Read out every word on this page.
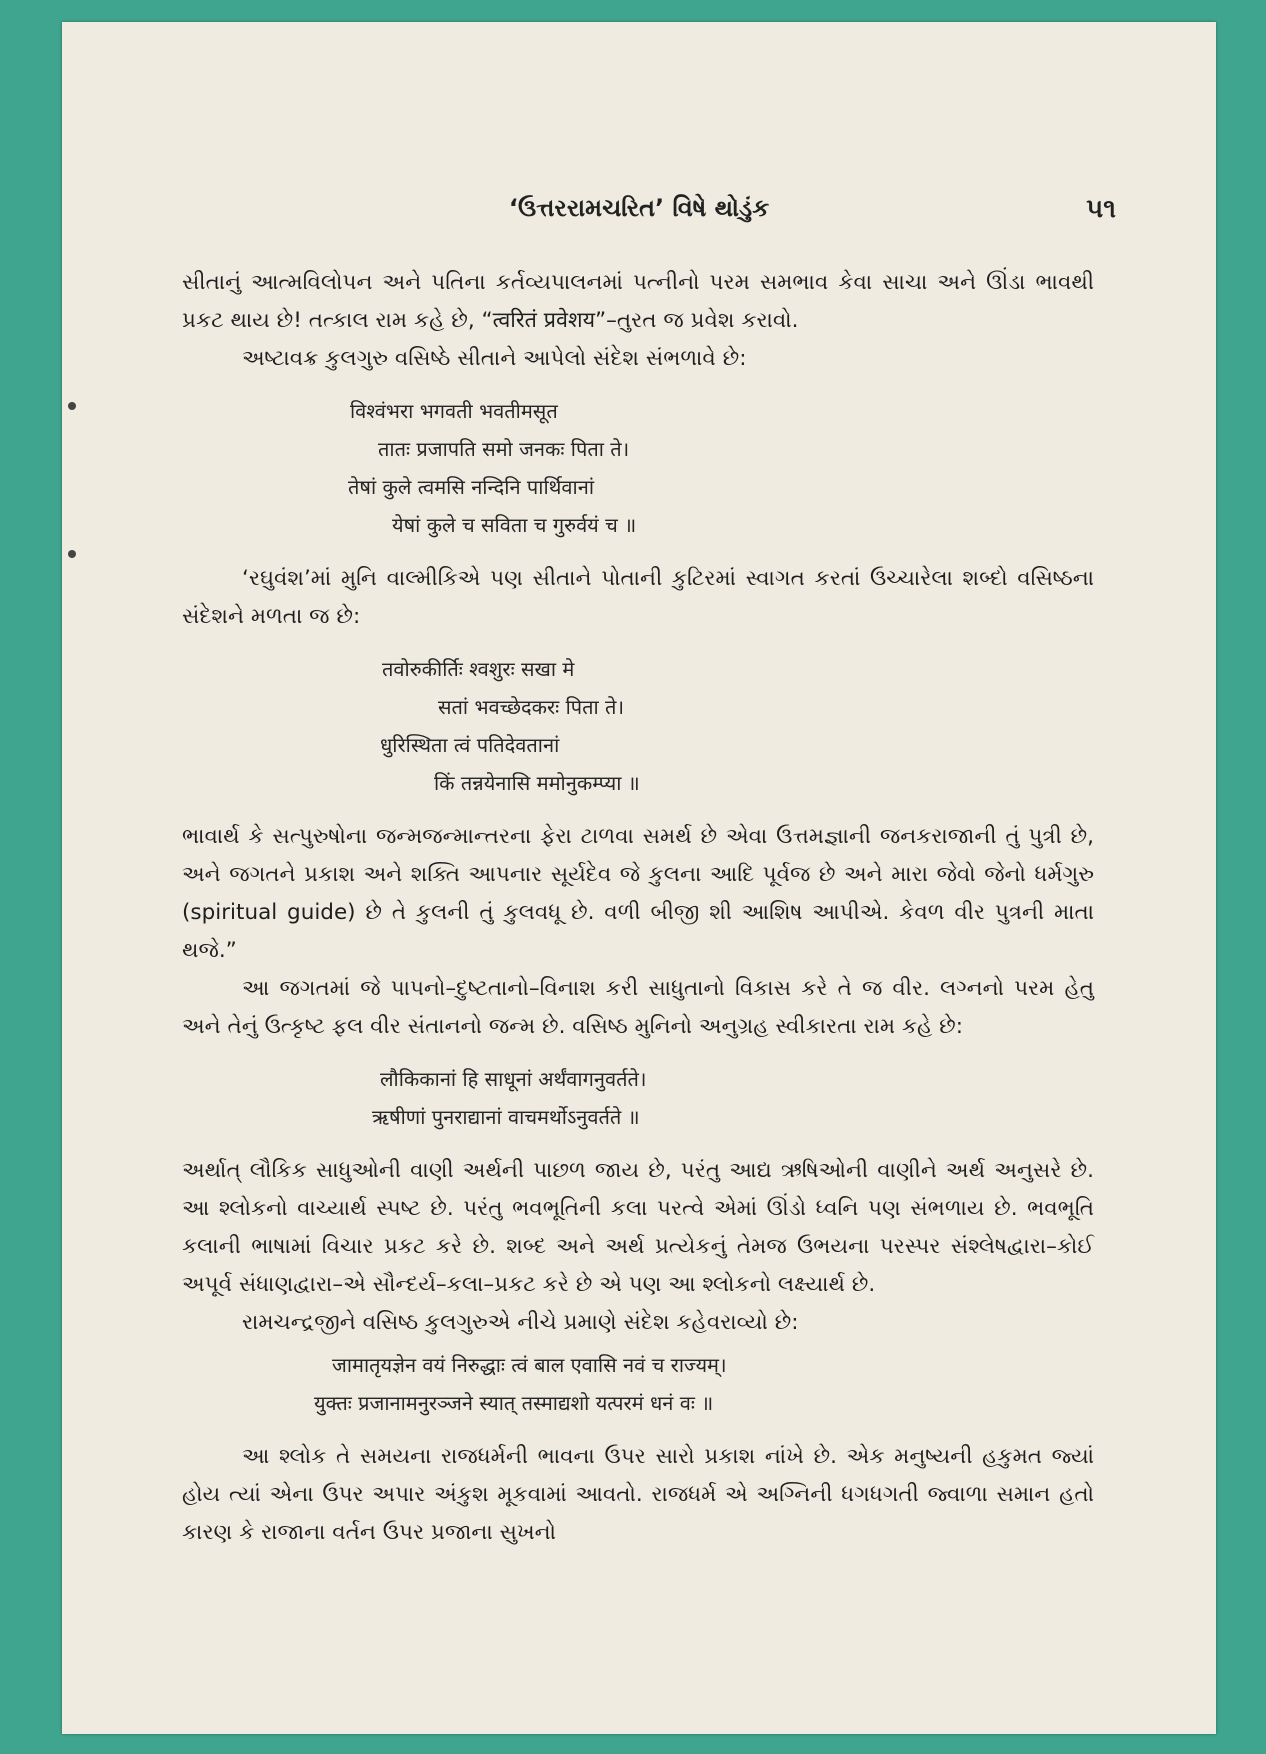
‘ઉત્તરરામચરિત’ વિષે થોડુંક	૫૧

સીતાનું આત્મવિલોપન અને પતિના કર્તવ્યપાલનમાં પત્નીનો પરમ સમભાવ કેવા સાચા અને ઊંડા ભાવથી પ્રકટ થાય છે! તત્કાલ રામ કહે છે, “त्वरितं प्रवेशय”–તુરત જ પ્રવેશ કરાવો.

અષ્ટાવક્ર કુલગુરુ વસિષ્ઠે સીતાને આપેલો સંદેશ સંભળાવે છે:

विश्वंभरा भगवती भवतीमसूत
तातः प्रजापति समो जनकः पिता ते।
तेषां कुले त्वमसि नन्दिनि पार्थिवानां
येषां कुले च सविता च गुरुर्वयं च ॥

‘રઘુવંશ’માં મુનિ વાલ્મીકિએ પણ સીતાને પોતાની કુટિરમાં સ્વાગત કરતાં ઉચ્ચારેલા શબ્દો વસિષ્ઠના સંદેશને મળતા જ છે:

तवोरुकीर्तिः श्वशुरः सखा मे
सतां भवच्छेदकरः पिता ते।
धुरिस्थिता त्वं पतिदेवतानां
किं तन्नयेनासि ममोनुकम्प्या ॥

ભાવાર્થ કે સત્પુરુષોના જન્મજન્માન્તરના ફેરા ટાળવા સમર્થ છે એવા ઉત્તમજ્ઞાની જનકરાજાની તું પુત્રી છે, અને જગતને પ્રકાશ અને શક્તિ આપનાર સૂર્યદેવ જે કુલના આદિ પૂર્વજ છે અને મારા જેવો જેનો ધર્મગુરુ (spiritual guide) છે તે કુલની તું કુલવધૂ છે. વળી બીજી શી આશિષ આપીએ. કેવળ વીર પુત્રની માતા થજે.”

આ જગતમાં જે પાપનો–દુષ્ટતાનો–વિનાશ કરી સાધુતાનો વિકાસ કરે તે જ વીર. લગ્નનો પરમ હેતુ અને તેનું ઉત્કૃષ્ટ ફલ વીર સંતાનનો જન્મ છે. વસિષ્ઠ મુનિનો અનુગ્રહ સ્વીકારતા રામ કહે છે:

लौकिकानां हि साधूनां अर्थंवागनुवर्तते।
ऋषीणां पुनराद्यानां वाचमर्थोऽनुवर्तते ॥

અર્થાત્ લૌકિક સાધુઓની વાણી અર્થની પાછળ જાય છે, પરંતુ આદ્ય ઋષિઓની વાણીને અર્થ અનુસરે છે. આ શ્લોકનો વાચ્યાર્થ સ્પષ્ટ છે. પરંતુ ભવભૂતિની કલા પરત્વે એમાં ઊંડો ધ્વનિ પણ સંભળાય છે. ભવભૂતિ કલાની ભાષામાં વિચાર પ્રકટ કરે છે. શબ્દ અને અર્થ પ્રત્યેકનું તેમજ ઉભયના પરસ્પર સંશ્લેષદ્વારા–કોઈ અપૂર્વ સંધાણદ્વારા–એ સૌન્દર્ય–કલા–પ્રકટ કરે છે એ પણ આ શ્લોકનો લક્ષ્યાર્થ છે.

રામચન્દ્રજીને વસિષ્ઠ કુલગુરુએ નીચે પ્રમાણે સંદેશ કહેવરાવ્યો છે:

जामातृयज्ञेन वयं निरुद्धाः त्वं बाल एवासि नवं च राज्यम्।
युक्तः प्रजानामनुरञ्जने स्यात् तस्माद्यशो यत्परमं धनं वः ॥

આ શ્લોક તે સમયના રાજધર્મની ભાવના ઉપર સારો પ્રકાશ નાંખે છે. એક મનુષ્યની હકુમત જ્યાં હોય ત્યાં એના ઉપર અપાર અંકુશ મૂકવામાં આવતો. રાજધર્મ એ અગ્નિની ધગધગતી જ્વાળા સમાન હતો કારણ કે રાજાના વર્તન ઉપર પ્રજાના સુખનો
